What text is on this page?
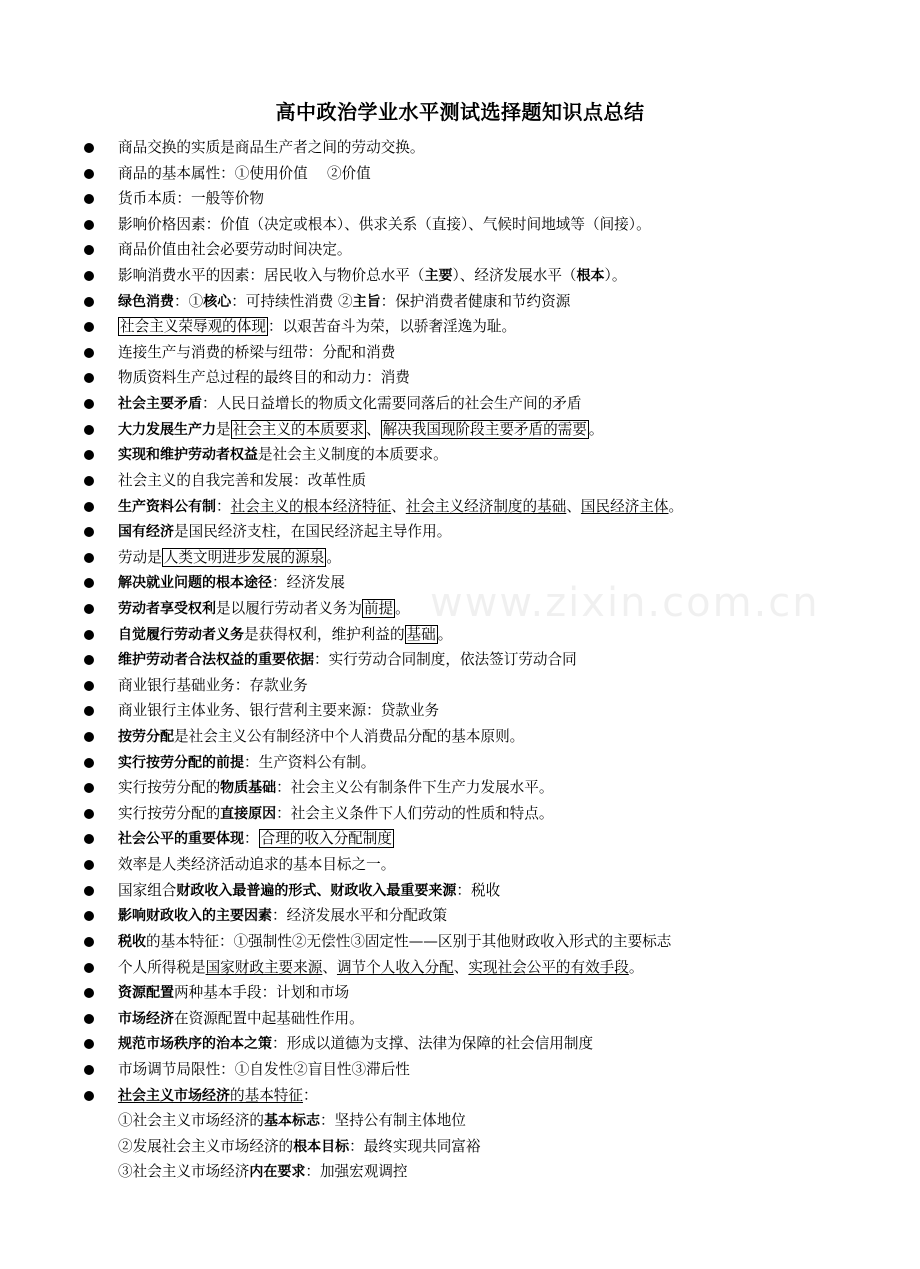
www.zixin.com.cn
高中政治学业水平测试选择题知识点总结
商品交换的实质是商品生产者之间的劳动交换。
商品的基本属性：①使用价值　 ②价值
货币本质：一般等价物
影响价格因素：价值（决定或根本）、供求关系（直接）、气候时间地域等（间接）。
商品价值由社会必要劳动时间决定。
影响消费水平的因素：居民收入与物价总水平（主要）、经济发展水平（根本）。
绿色消费：①核心：可持续性消费 ②主旨：保护消费者健康和节约资源
社会主义荣辱观的体现 ：以艰苦奋斗为荣，以骄奢淫逸为耻。
连接生产与消费的桥梁与纽带：分配和消费
物质资料生产总过程的最终目的和动力：消费
社会主要矛盾：人民日益增长的物质文化需要同落后的社会生产间的矛盾
大力发展生产力是 社会主义的本质要求 、 解决我国现阶段主要矛盾的需要 。
实现和维护劳动者权益是社会主义制度的本质要求。
社会主义的自我完善和发展：改革性质
生产资料公有制：社会主义的根本经济特征、社会主义经济制度的基础、国民经济主体。
国有经济是国民经济支柱，在国民经济起主导作用。
劳动是 人类文明进步发展的源泉 。
解决就业问题的根本途径：经济发展
劳动者享受权利是以履行劳动者义务为 前提 。
自觉履行劳动者义务是获得权利，维护利益的 基础 。
维护劳动者合法权益的重要依据：实行劳动合同制度，依法签订劳动合同
商业银行基础业务：存款业务
商业银行主体业务、银行营利主要来源：贷款业务
按劳分配是社会主义公有制经济中个人消费品分配的基本原则。
实行按劳分配的前提：生产资料公有制。
实行按劳分配的物质基础：社会主义公有制条件下生产力发展水平。
实行按劳分配的直接原因：社会主义条件下人们劳动的性质和特点。
社会公平的重要体现： 合理的收入分配制度
效率是人类经济活动追求的基本目标之一。
国家组合财政收入最普遍的形式、财政收入最重要来源：税收
影响财政收入的主要因素：经济发展水平和分配政策
税收的基本特征：①强制性②无偿性③固定性——区别于其他财政收入形式的主要标志
个人所得税是国家财政主要来源、调节个人收入分配、实现社会公平的有效手段。
资源配置两种基本手段：计划和市场
市场经济在资源配置中起基础性作用。
规范市场秩序的治本之策：形成以道德为支撑、法律为保障的社会信用制度
市场调节局限性：①自发性②盲目性③滞后性
社会主义市场经济的基本特征：
①社会主义市场经济的基本标志：坚持公有制主体地位
②发展社会主义市场经济的根本目标：最终实现共同富裕
③社会主义市场经济内在要求：加强宏观调控
